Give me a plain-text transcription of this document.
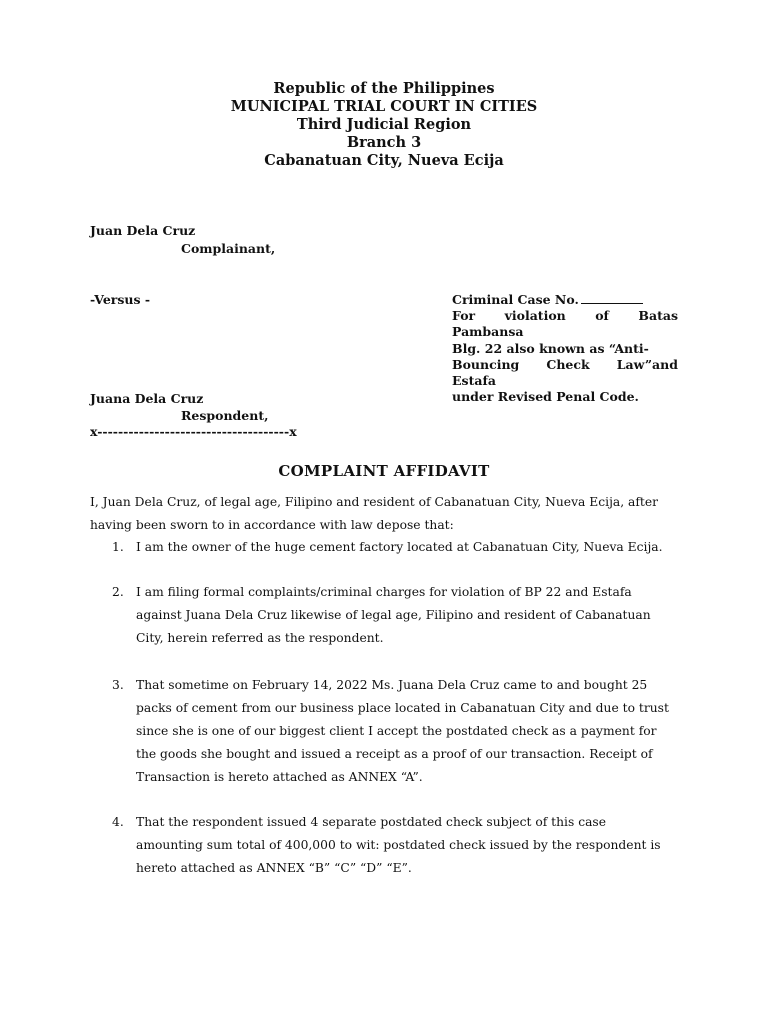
Republic of the Philippines
MUNICIPAL TRIAL COURT IN CITIES
Third Judicial Region
Branch 3
Cabanatuan City, Nueva Ecija
Juan Dela Cruz
Complainant,
-Versus -	Criminal Case No.
For violation of Batas Pambansa
Blg. 22 also known as “Anti-
Bouncing Check Law”and Estafa
under Revised Penal Code.
Juana Dela Cruz
Respondent,
x-------------------------------------x
COMPLAINT AFFIDAVIT
I, Juan Dela Cruz, of legal age, Filipino and resident of Cabanatuan City, Nueva Ecija, after
having been sworn to in accordance with law depose that:
1. I am the owner of the huge cement factory located at Cabanatuan City, Nueva Ecija.
2. I am filing formal complaints/criminal charges for violation of BP 22 and Estafa
against Juana Dela Cruz likewise of legal age, Filipino and resident of Cabanatuan
City, herein referred as the respondent.
3. That sometime on February 14, 2022 Ms. Juana Dela Cruz came to and bought 25
packs of cement from our business place located in Cabanatuan City and due to trust
since she is one of our biggest client I accept the postdated check as a payment for
the goods she bought and issued a receipt as a proof of our transaction. Receipt of
Transaction is hereto attached as ANNEX “A”.
4. That the respondent issued 4 separate postdated check subject of this case
amounting sum total of 400,000 to wit: postdated check issued by the respondent is
hereto attached as ANNEX “B” “C” “D” “E”.
